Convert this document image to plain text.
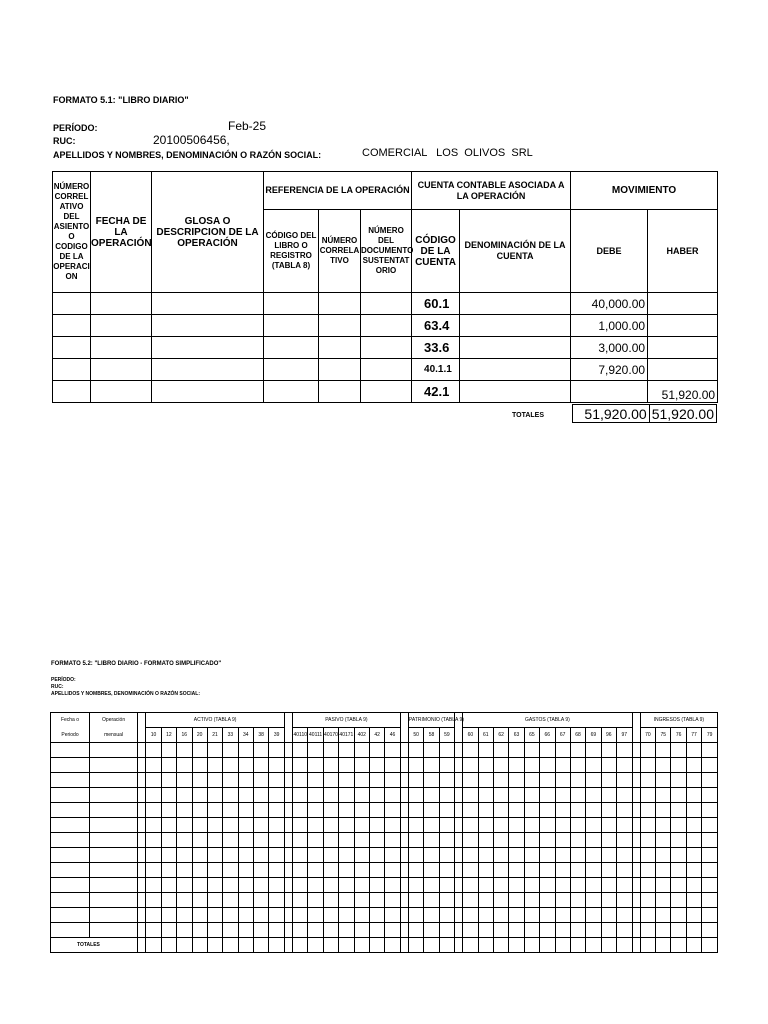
FORMATO 5.1: "LIBRO DIARIO"
PERÍODO:	Feb-25
RUC:	20100506456,
APELLIDOS Y NOMBRES, DENOMINACIÓN O RAZÓN SOCIAL:	COMERCIAL   LOS  OLIVOS  SRL
NÚMERO CORREL ATIVO DEL ASIENTO O CODIGO DE LA OPERACI ON	FECHA DE LA OPERACIÓN	GLOSA O DESCRIPCION DE LA OPERACIÓN	REFERENCIA DE LA OPERACIÓN			CUENTA CONTABLE ASOCIADA A LA OPERACIÓN		MOVIMIENTO	
			CÓDIGO DEL LIBRO O REGISTRO (TABLA 8)	NÚMERO CORRELA TIVO	NÚMERO DEL DOCUMENTO SUSTENTAT ORIO	CÓDIGO DE LA CUENTA	DENOMINACIÓN DE LA CUENTA	DEBE	HABER
						60.1		40,000.00	
						63.4		1,000.00	
						33.6		3,000.00	
						40.1.1		7,920.00	
						42.1			51,920.00
TOTALES	51,920.00	51,920.00
FORMATO 5.2: "LIBRO DIARIO - FORMATO SIMPLIFICADO"
PERÍODO:
RUC:
APELLIDOS Y NOMBRES, DENOMINACIÓN O RAZÓN SOCIAL:
Fecha o	Operación		ACTIVO (TABLA 9)										PASIVO (TABLA 9)								PATRIMONIO (TABLA 9)				GASTOS (TABLA 9)												INGRESOS (TABLA 9)				
Periodo	mensual		10	12	16	20	21	33	34	38	39		40110	40111	40170	40171	402	42	46		50	58	59		60	61	62	63	65	66	67	68	69	96	97		70	75	76	77	79

TOTALES																																									
